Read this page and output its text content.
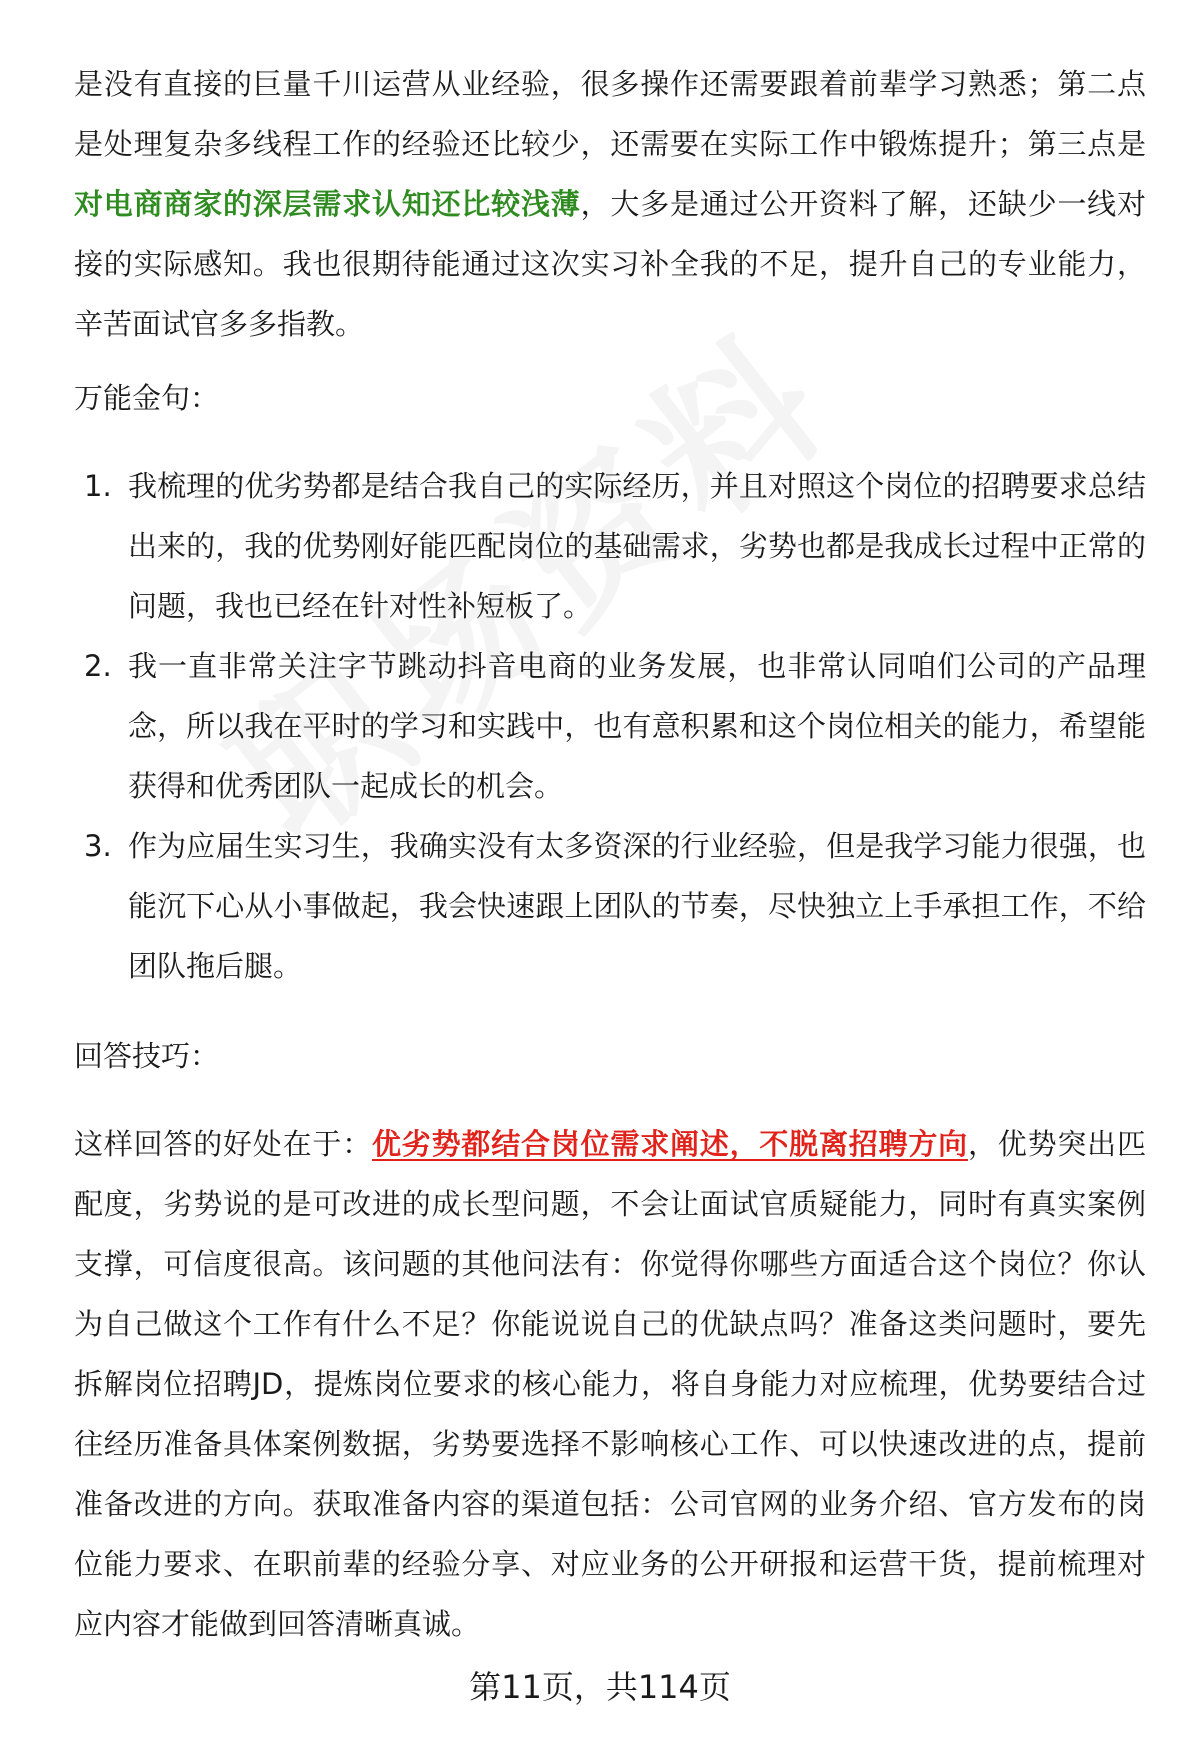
是没有直接的巨量千川运营从业经验，很多操作还需要跟着前辈学习熟悉；第二点是处理复杂多线程工作的经验还比较少，还需要在实际工作中锻炼提升；第三点是对电商商家的深层需求认知还比较浅薄，大多是通过公开资料了解，还缺少一线对接的实际感知。我也很期待能通过这次实习补全我的不足，提升自己的专业能力，辛苦面试官多多指教。

万能金句：

1. 我梳理的优劣势都是结合我自己的实际经历，并且对照这个岗位的招聘要求总结出来的，我的优势刚好能匹配岗位的基础需求，劣势也都是我成长过程中正常的问题，我也已经在针对性补短板了。
2. 我一直非常关注字节跳动抖音电商的业务发展，也非常认同咱们公司的产品理念，所以我在平时的学习和实践中，也有意积累和这个岗位相关的能力，希望能获得和优秀团队一起成长的机会。
3. 作为应届生实习生，我确实没有太多资深的行业经验，但是我学习能力很强，也能沉下心从小事做起，我会快速跟上团队的节奏，尽快独立上手承担工作，不给团队拖后腿。

回答技巧：

这样回答的好处在于：优劣势都结合岗位需求阐述，不脱离招聘方向，优势突出匹配度，劣势说的是可改进的成长型问题，不会让面试官质疑能力，同时有真实案例支撑，可信度很高。该问题的其他问法有：你觉得你哪些方面适合这个岗位？你认为自己做这个工作有什么不足？你能说说自己的优缺点吗？准备这类问题时，要先拆解岗位招聘JD，提炼岗位要求的核心能力，将自身能力对应梳理，优势要结合过往经历准备具体案例数据，劣势要选择不影响核心工作、可以快速改进的点，提前准备改进的方向。获取准备内容的渠道包括：公司官网的业务介绍、官方发布的岗位能力要求、在职前辈的经验分享、对应业务的公开研报和运营干货，提前梳理对应内容才能做到回答清晰真诚。

第11页，共114页
